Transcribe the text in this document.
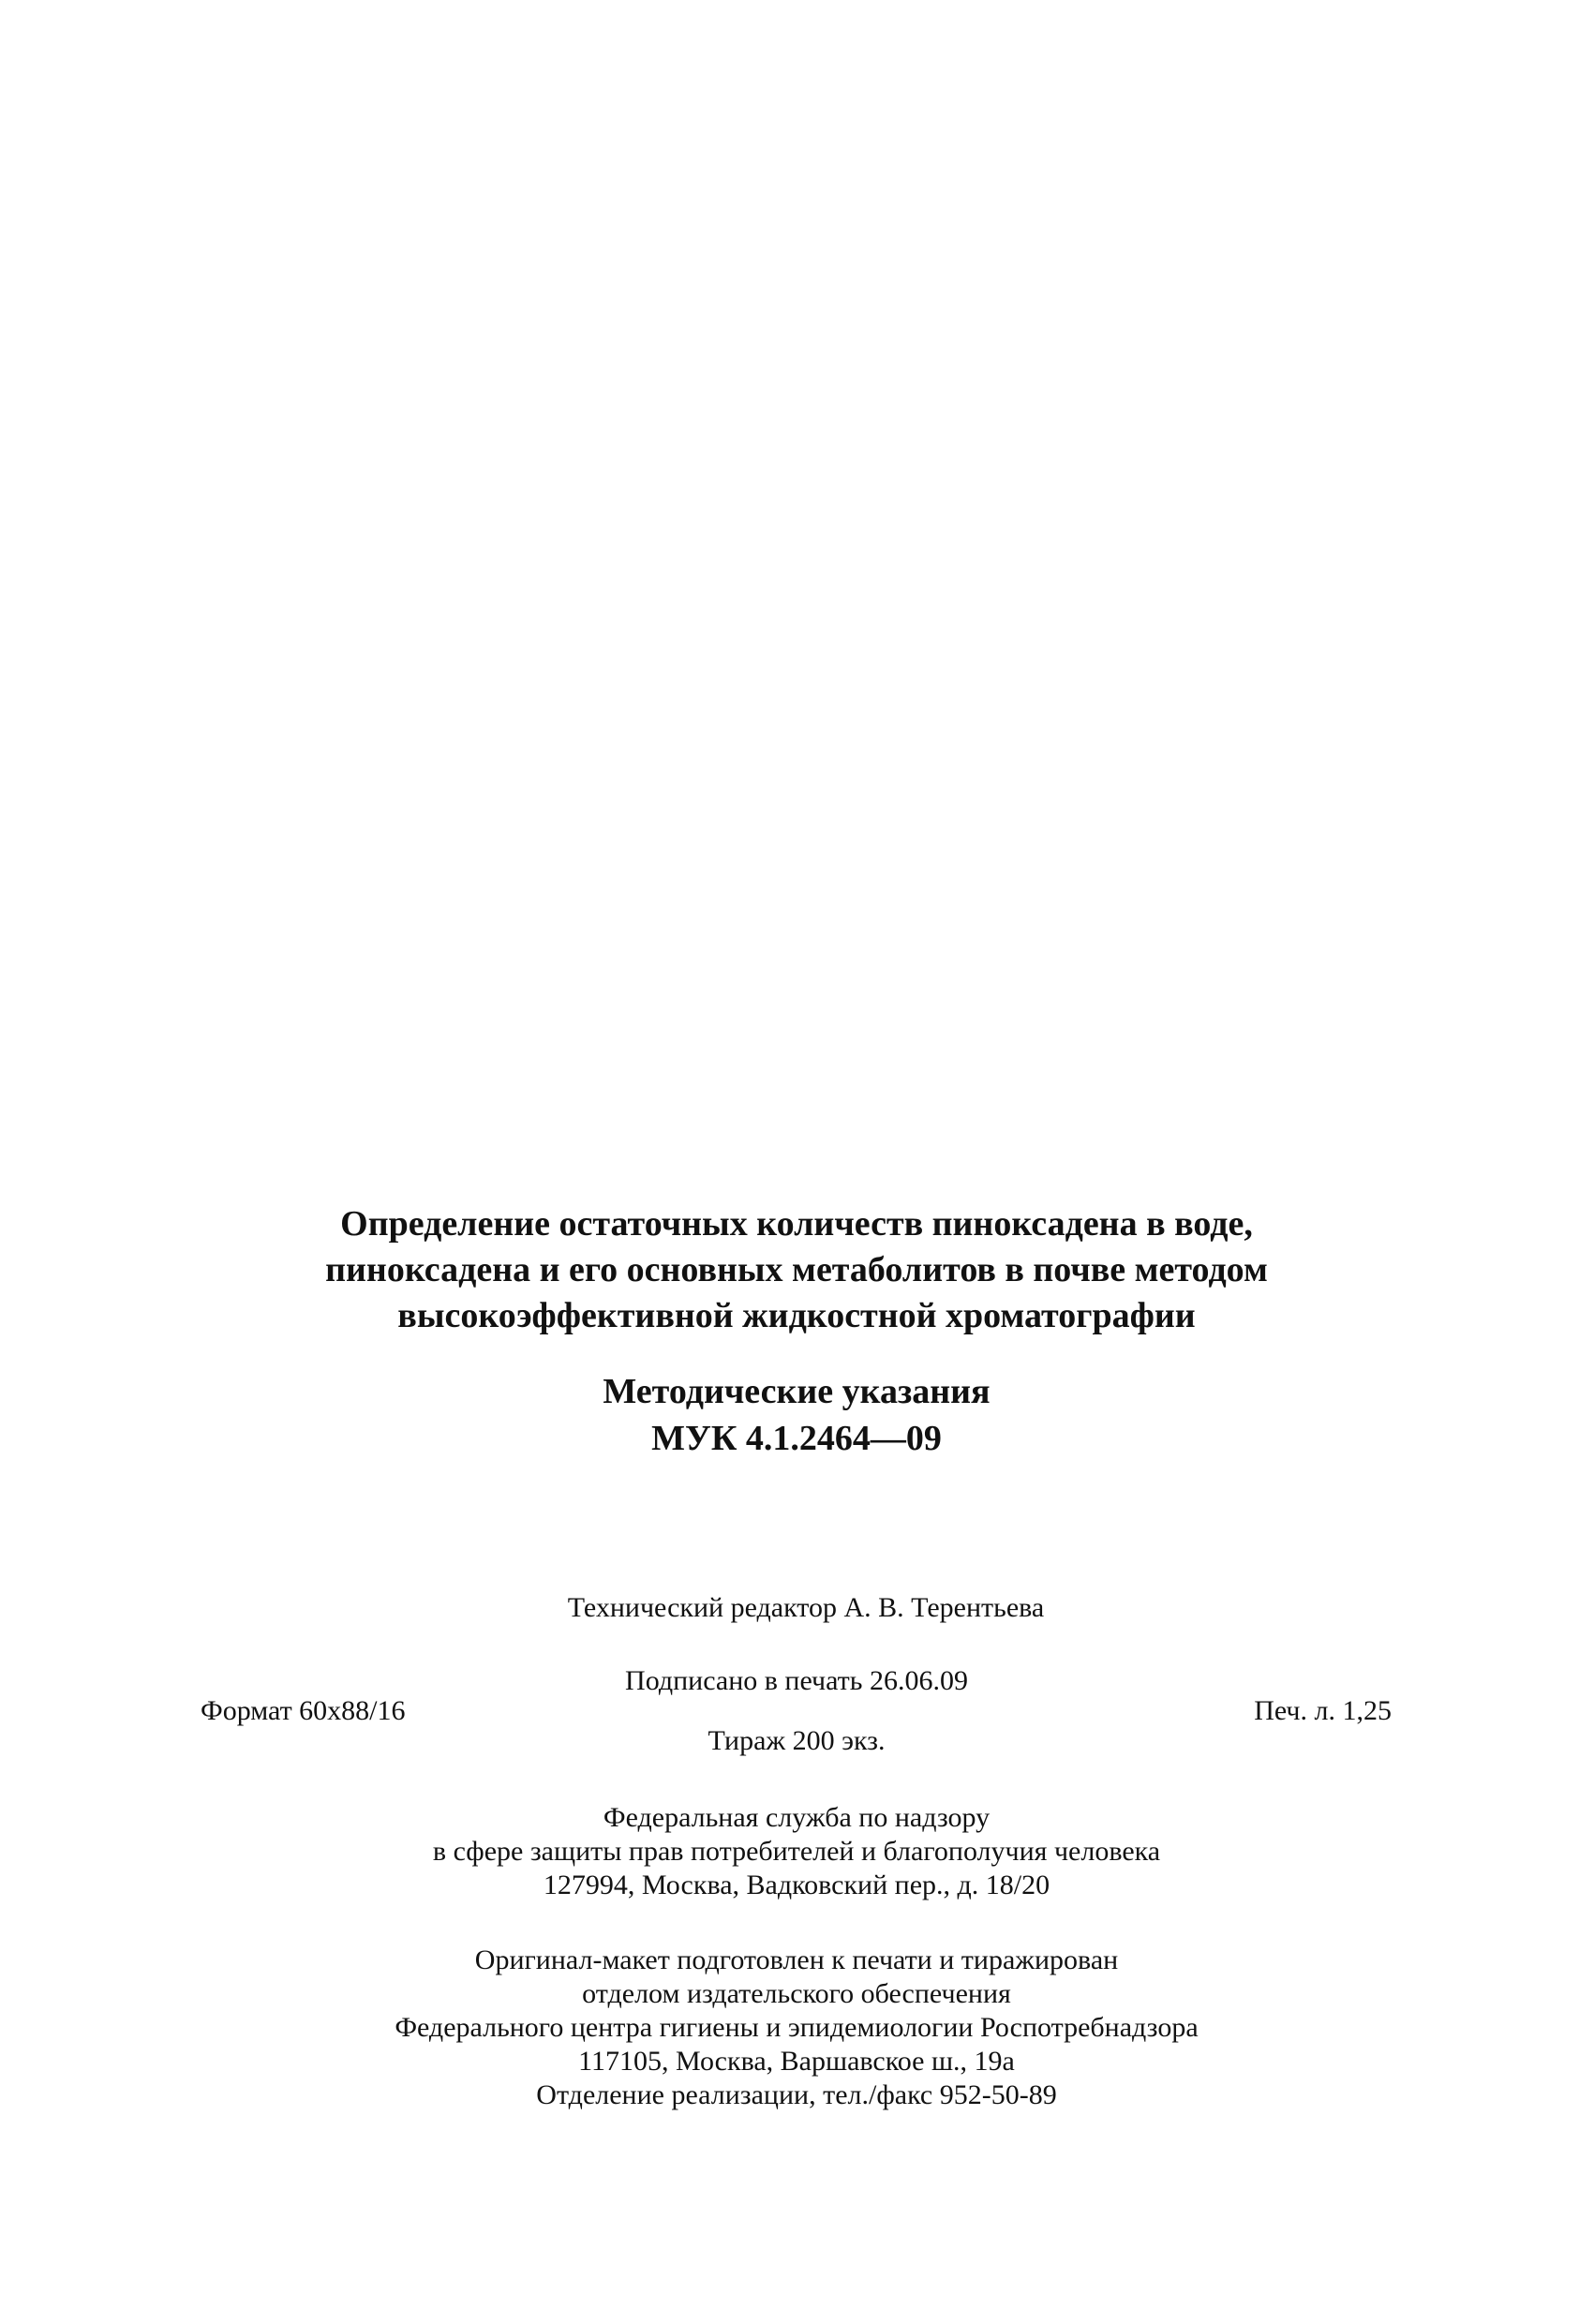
Определение остаточных количеств пиноксадена в воде,
пиноксадена и его основных метаболитов в почве методом
высокоэффективной жидкостной хроматографии
Методические указания
МУК 4.1.2464—09
Технический редактор А. В. Терентьева
Подписано в печать 26.06.09
Формат 60x88/16	Печ. л. 1,25
Тираж 200 экз.
Федеральная служба по надзору
в сфере защиты прав потребителей и благополучия человека
127994, Москва, Вадковский пер., д. 18/20
Оригинал-макет подготовлен к печати и тиражирован
отделом издательского обеспечения
Федерального центра гигиены и эпидемиологии Роспотребнадзора
117105, Москва, Варшавское ш., 19а
Отделение реализации, тел./факс 952-50-89
